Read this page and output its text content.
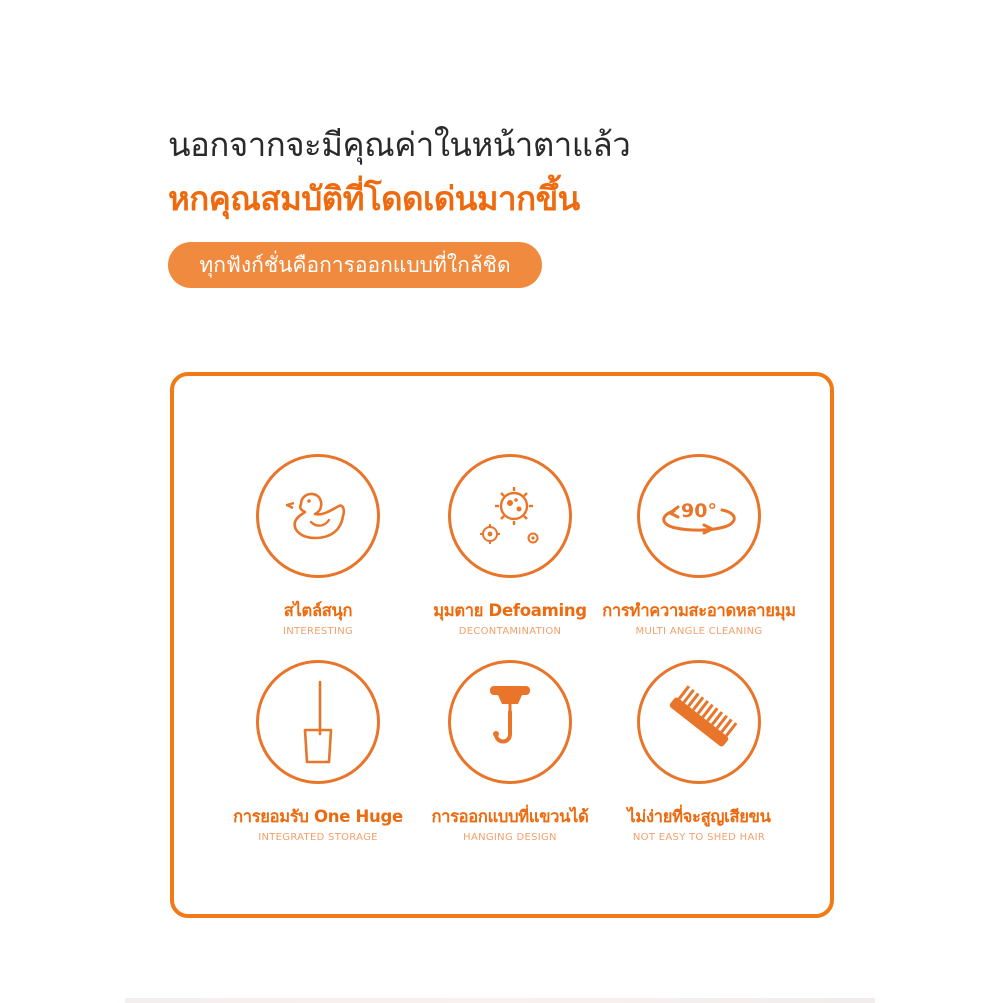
นอกจากจะมีคุณค่าในหน้าตาแล้ว
หกคุณสมบัติที่โดดเด่นมากขึ้น
ทุกฟังก์ชั่นคือการออกแบบที่ใกล้ชิด
สไตล์สนุก
INTERESTING
มุมตาย Defoaming
DECONTAMINATION
90°
การทำความสะอาดหลายมุม
MULTI ANGLE CLEANING
การยอมรับ One Huge
INTEGRATED STORAGE
การออกแบบที่แขวนได้
HANGING DESIGN
ไม่ง่ายที่จะสูญเสียขน
NOT EASY TO SHED HAIR
